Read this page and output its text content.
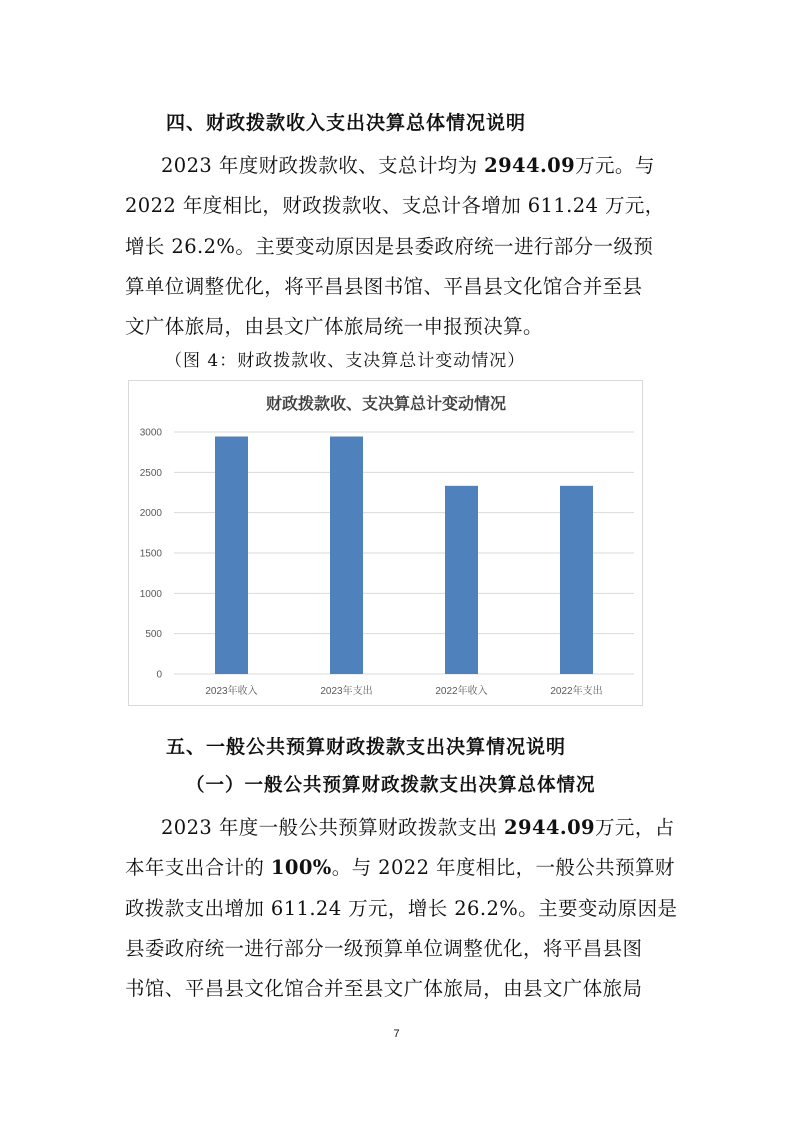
四、财政拨款收入支出决算总体情况说明
2023 年度财政拨款收、支总计均为 2944.09万元。与
2022 年度相比，财政拨款收、支总计各增加 611.24 万元，
增长 26.2%。主要变动原因是县委政府统一进行部分一级预
算单位调整优化，将平昌县图书馆、平昌县文化馆合并至县
文广体旅局，由县文广体旅局统一申报预决算。
（图 4：财政拨款收、支决算总计变动情况）
财政拨款收、支决算总计变动情况
0
500
1000
1500
2000
2500
3000
2023年收入	2023年支出	2022年收入	2022年支出
五、一般公共预算财政拨款支出决算情况说明
（一）一般公共预算财政拨款支出决算总体情况
2023 年度一般公共预算财政拨款支出 2944.09万元，占
本年支出合计的 100%。与 2022 年度相比，一般公共预算财
政拨款支出增加 611.24 万元，增长 26.2%。主要变动原因是
县委政府统一进行部分一级预算单位调整优化，将平昌县图
书馆、平昌县文化馆合并至县文广体旅局，由县文广体旅局
7
